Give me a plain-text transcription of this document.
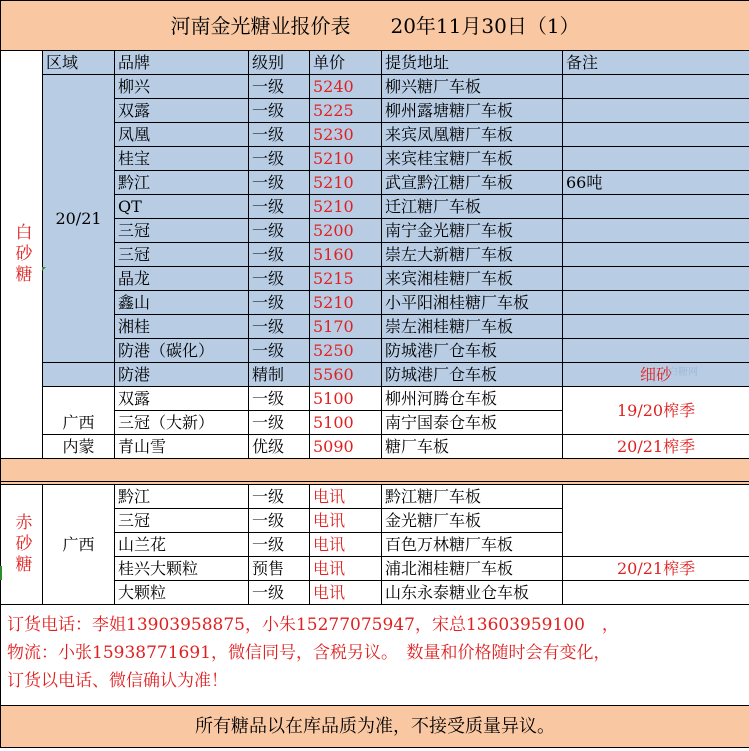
河南金光糖业报价表　　20年11月30日（1）						
白砂糖	区域	品牌	级别	单价	提货地址	备注
	20/21	柳兴	一级	5240	柳兴糖厂车板	
		双露	一级	5225	柳州露塘糖厂车板	
		凤凰	一级	5230	来宾凤凰糖厂车板	
		桂宝	一级	5210	来宾桂宝糖厂车板	
		黔江	一级	5210	武宣黔江糖厂车板	66吨
		QT	一级	5210	迁江糖厂车板	
		三冠	一级	5200	南宁金光糖厂车板	
		三冠	一级	5160	崇左大新糖厂车板	
		晶龙	一级	5215	来宾湘桂糖厂车板	
		鑫山	一级	5210	小平阳湘桂糖厂车板	
		湘桂	一级	5170	崇左湘桂糖厂车板	
		防港（碳化）	一级	5250	防城港厂仓车板	
		防港	精制	5560	防城港厂仓车板	细砂
	广西	双露	一级	5100	柳州河腾仓车板	19/20榨季
		三冠（大新）	一级	5100	南宁国泰仓车板	
	内蒙	青山雪	优级	5090	糖厂车板	20/21榨季

赤砂糖	广西	黔江	一级	电讯	黔江糖厂车板	
		三冠	一级	电讯	金光糖厂车板	
		山兰花	一级	电讯	百色万林糖厂车板	
		桂兴大颗粒	预售	电讯	浦北湘桂糖厂车板	20/21榨季
		大颗粒	一级	电讯	山东永泰糖业仓车板	

订货电话：李姐13903958875，小朱15277075947，宋总13603959100　，
物流：小张15938771691，微信同号，含税另议。　数量和价格随时会有变化，
订货以电话、微信确认为准！						

所有糖品以在库品质为准，不接受质量异议。						
白糖网
